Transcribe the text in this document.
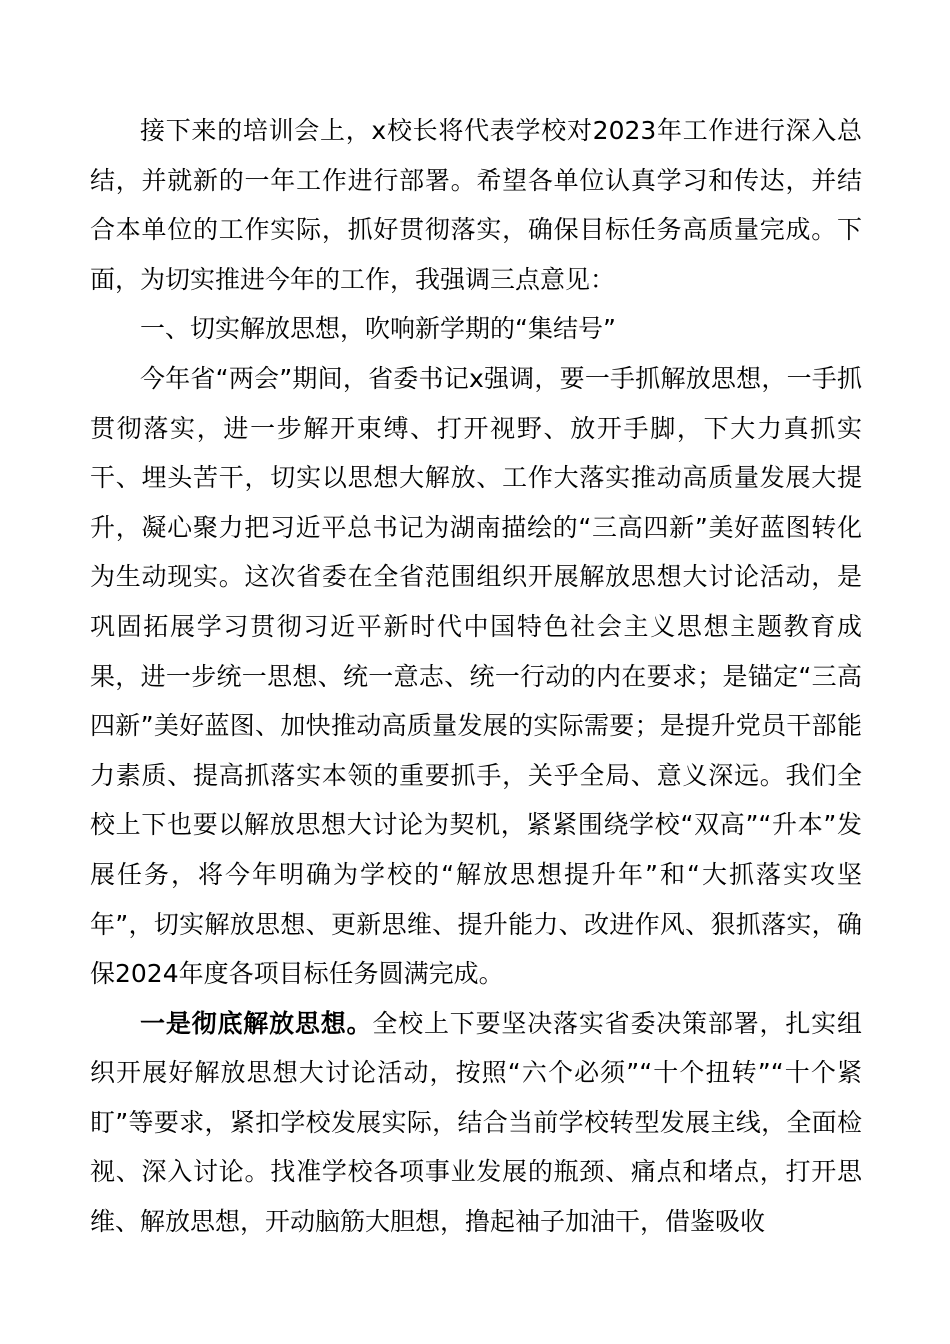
接下来的培训会上，x校长将代表学校对2023年工作进行深入总结，并就新的一年工作进行部署。希望各单位认真学习和传达，并结合本单位的工作实际，抓好贯彻落实，确保目标任务高质量完成。下面，为切实推进今年的工作，我强调三点意见：

一、切实解放思想，吹响新学期的“集结号”

今年省“两会”期间，省委书记x强调，要一手抓解放思想，一手抓贯彻落实，进一步解开束缚、打开视野、放开手脚，下大力真抓实干、埋头苦干，切实以思想大解放、工作大落实推动高质量发展大提升，凝心聚力把习近平总书记为湖南描绘的“三高四新”美好蓝图转化为生动现实。这次省委在全省范围组织开展解放思想大讨论活动，是巩固拓展学习贯彻习近平新时代中国特色社会主义思想主题教育成果，进一步统一思想、统一意志、统一行动的内在要求；是锚定“三高四新”美好蓝图、加快推动高质量发展的实际需要；是提升党员干部能力素质、提高抓落实本领的重要抓手，关乎全局、意义深远。我们全校上下也要以解放思想大讨论为契机，紧紧围绕学校“双高”“升本”发展任务，将今年明确为学校的“解放思想提升年”和“大抓落实攻坚年”，切实解放思想、更新思维、提升能力、改进作风、狠抓落实，确保2024年度各项目标任务圆满完成。

一是彻底解放思想。全校上下要坚决落实省委决策部署，扎实组织开展好解放思想大讨论活动，按照“六个必须”“十个扭转”“十个紧盯”等要求，紧扣学校发展实际，结合当前学校转型发展主线，全面检视、深入讨论。找准学校各项事业发展的瓶颈、痛点和堵点，打开思维、解放思想，开动脑筋大胆想，撸起袖子加油干，借鉴吸收
